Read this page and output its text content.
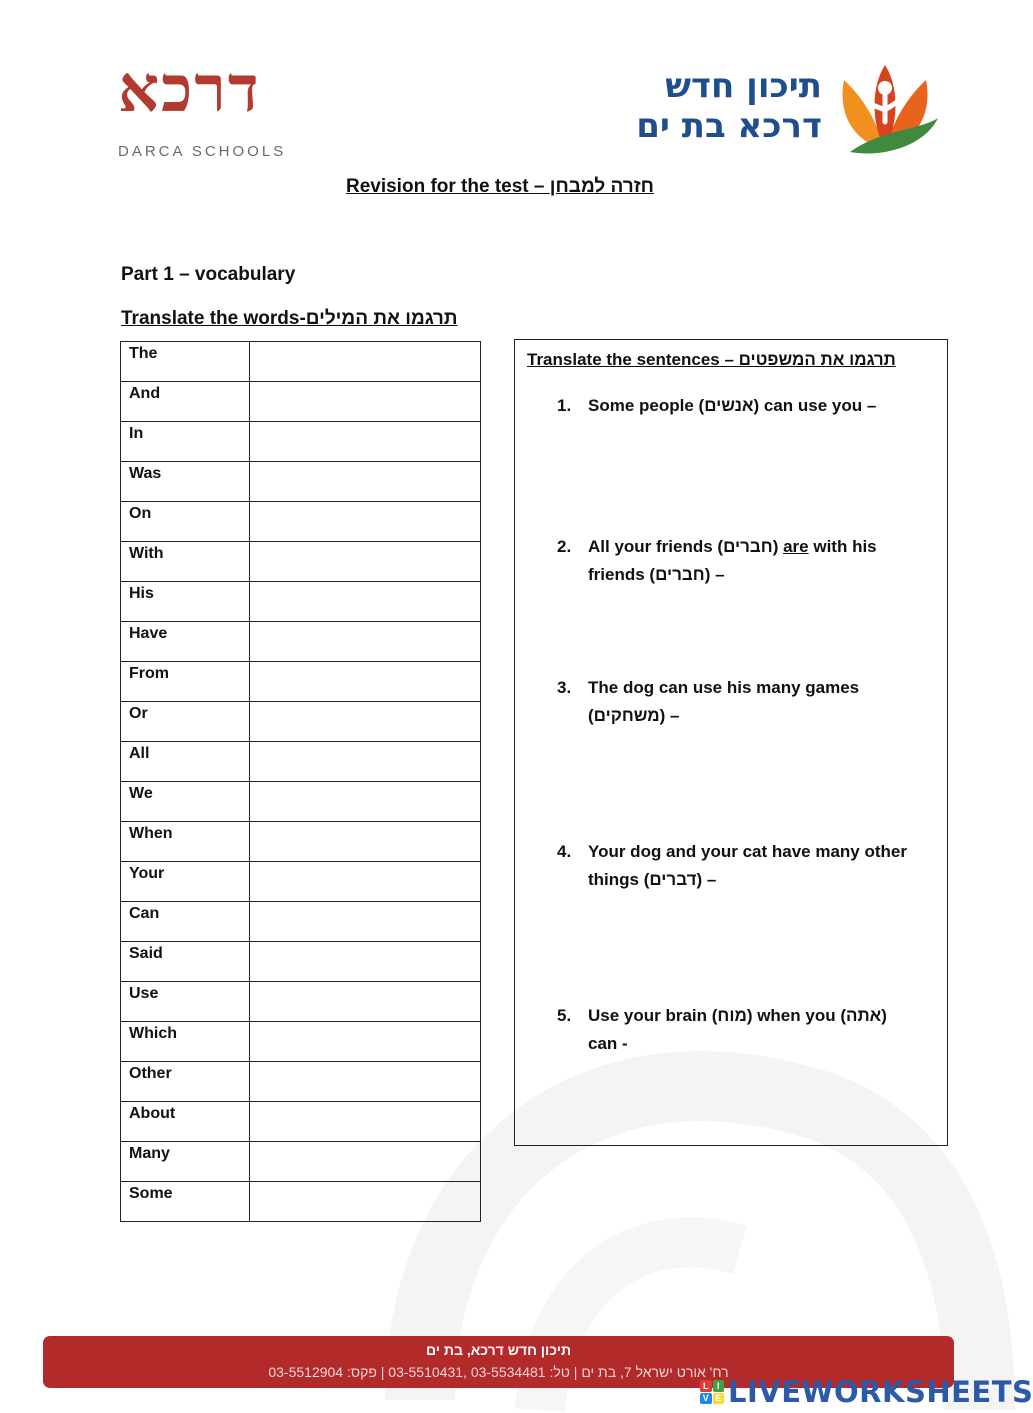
דרכא
DARCA SCHOOLS
תיכון חדש
דרכא בת ים
Revision for the test – חזרה למבחן
Part 1 – vocabulary
Translate the words-תרגמו את המילים
The	

And	

In	

Was	

On	

With	

His	

Have	

From	

Or	

All	

We	

When	

Your	

Can	

Said	

Use	

Which	

Other	

About	

Many	

Some	
Translate the sentences – תרגמו את המשפטים
1. Some people (אנשים) can use you –
2. All your friends (חברים) are with his friends (חברים) –
3. The dog can use his many games (משחקים) –
4. Your dog and your cat have many other things (דברים) –
5. Use your brain (מוח) when you (אתה) can -
תיכון חדש דרכא, בת ים
רח' אורט ישראל 7, בת ים | טל: 03-5534481 ,03-5510431 | פקס: 03-5512904
L I
V E LIVEWORKSHEETS
